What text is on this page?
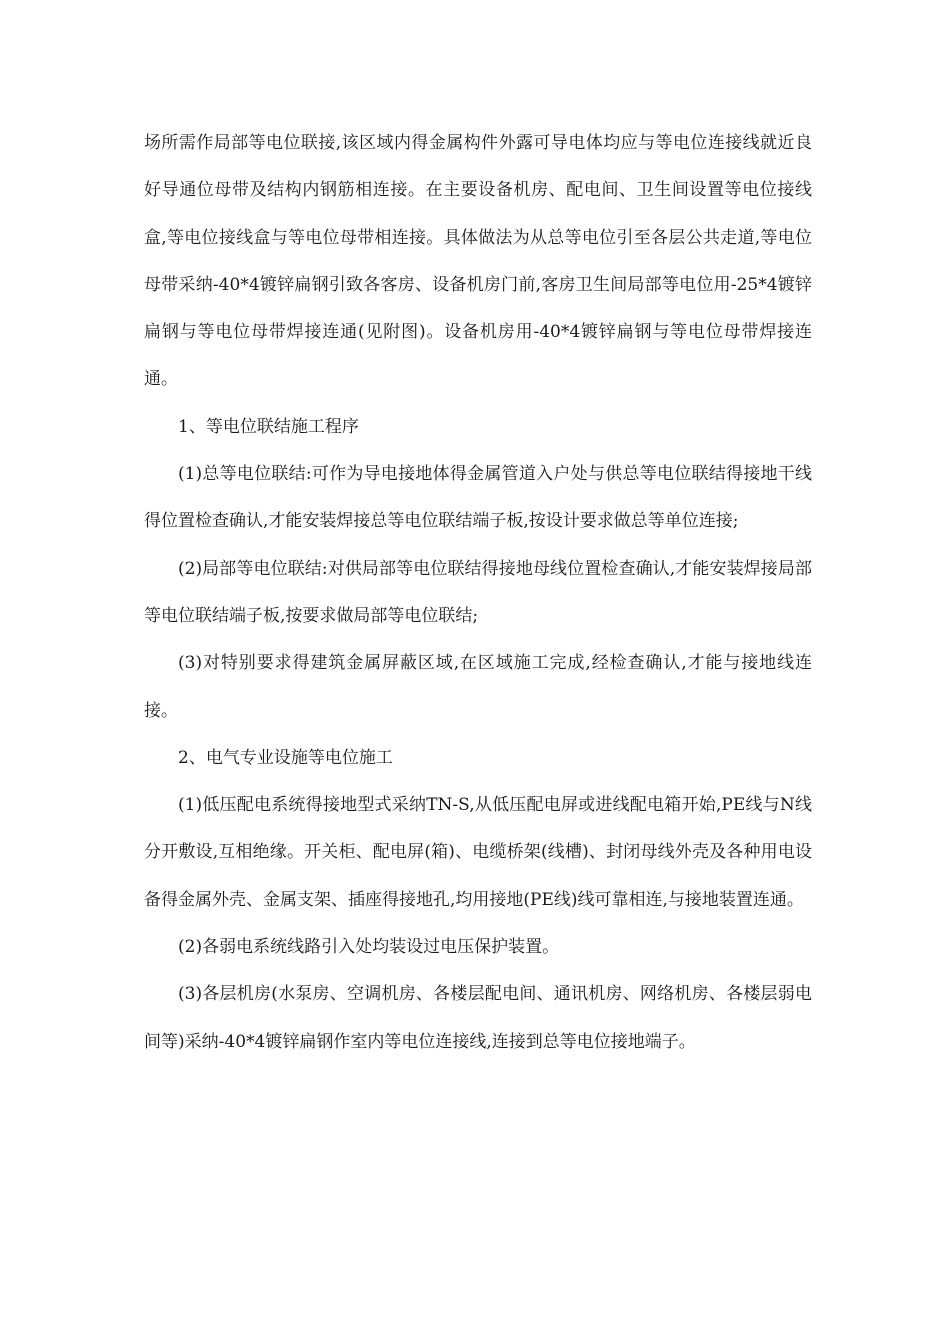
场所需作局部等电位联接,该区域内得金属构件外露可导电体均应与等电位连接线就近良好导通位母带及结构内钢筋相连接。在主要设备机房、配电间、卫生间设置等电位接线盒,等电位接线盒与等电位母带相连接。具体做法为从总等电位引至各层公共走道,等电位母带采纳-40*4镀锌扁钢引致各客房、设备机房门前,客房卫生间局部等电位用-25*4镀锌扁钢与等电位母带焊接连通(见附图)。设备机房用-40*4镀锌扁钢与等电位母带焊接连通。

1、等电位联结施工程序

(1)总等电位联结:可作为导电接地体得金属管道入户处与供总等电位联结得接地干线得位置检查确认,才能安装焊接总等电位联结端子板,按设计要求做总等单位连接;

(2)局部等电位联结:对供局部等电位联结得接地母线位置检查确认,才能安装焊接局部等电位联结端子板,按要求做局部等电位联结;

(3)对特别要求得建筑金属屏蔽区域,在区域施工完成,经检查确认,才能与接地线连接。

2、电气专业设施等电位施工

(1)低压配电系统得接地型式采纳TN-S,从低压配电屏或进线配电箱开始,PE线与N线分开敷设,互相绝缘。开关柜、配电屏(箱)、电缆桥架(线槽)、封闭母线外壳及各种用电设备得金属外壳、金属支架、插座得接地孔,均用接地(PE线)线可靠相连,与接地装置连通。

(2)各弱电系统线路引入处均装设过电压保护装置。

(3)各层机房(水泵房、空调机房、各楼层配电间、通讯机房、网络机房、各楼层弱电间等)采纳-40*4镀锌扁钢作室内等电位连接线,连接到总等电位接地端子。
